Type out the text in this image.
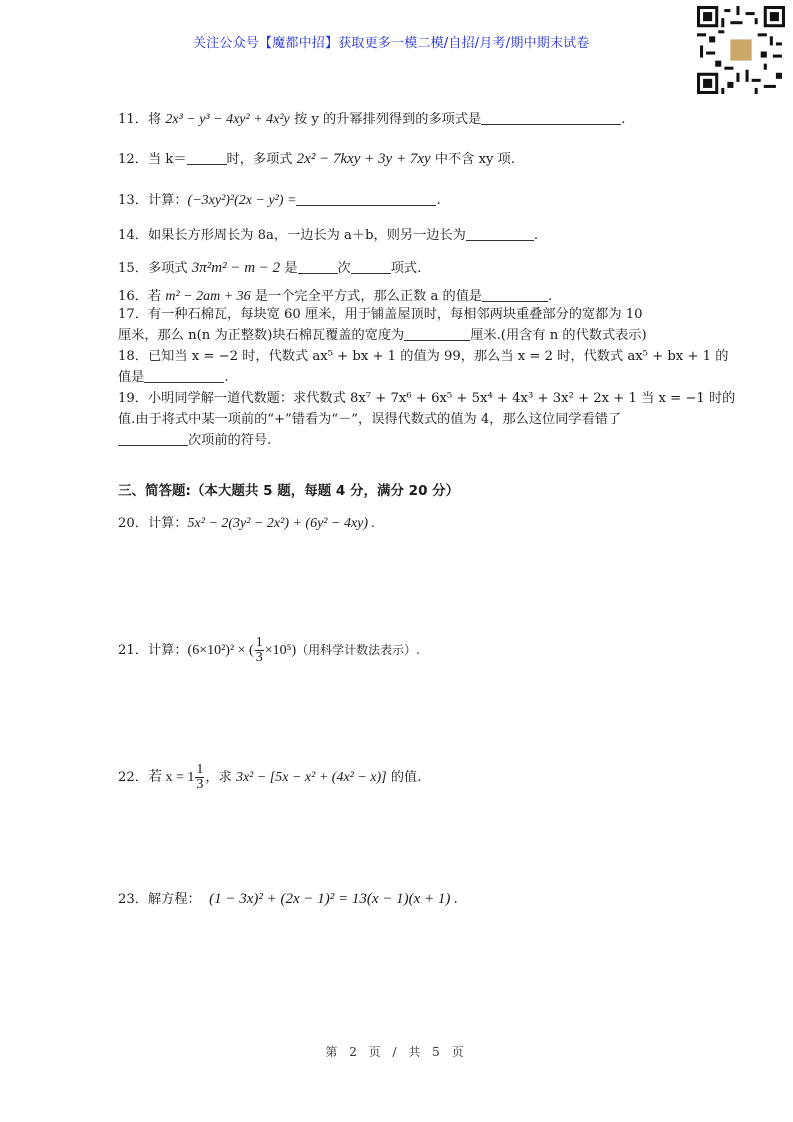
关注公众号【魔都中招】获取更多一模二模/自招/月考/期中期末试卷
11．将 2x³ − y³ − 4xy² + 4x²y 按 y 的升幂排列得到的多项式是	.
12．当 k＝	时，多项式 2x² − 7kxy + 3y + 7xy 中不含 xy 项.
13．计算：(−3xy²)²(2x − y²) =	.
14．如果长方形周长为 8a，一边长为 a＋b，则另一边长为	.
15．多项式 3π²m² − m − 2 是	次	项式.
16．若 m² − 2am + 36 是一个完全平方式，那么正数 a 的值是	.
17．有一种石棉瓦，每块宽 60 厘米，用于铺盖屋顶时，每相邻两块重叠部分的宽都为 10
厘米，那么 n(n 为正整数)块石棉瓦覆盖的宽度为	厘米.(用含有 n 的代数式表示)
18．已知当 x = −2 时，代数式 ax⁵ + bx + 1 的值为 99，那么当 x = 2 时，代数式 ax⁵ + bx + 1 的
值是	.
19．小明同学解一道代数题：求代数式 8x⁷ + 7x⁶ + 6x⁵ + 5x⁴ + 4x³ + 3x² + 2x + 1 当 x = −1 时的
值.由于将式中某一项前的“+”错看为“－”，误得代数式的值为 4，那么这位同学看错了
次项前的符号.
三、简答题:（本大题共 5 题，每题 4 分，满分 20 分）
20．计算：5x² − 2(3y² − 2x²) + (6y² − 4xy) .
21．计算：(6×10²)² × ( $\frac{1}{3} \times 10^5$)（用科学计数法表示）.
22．若 $x = 1 \frac{1}{3}$ ，求 3x² − [5x − x² + (4x² − x)] 的值.
23．解方程： (1 − 3x)² + (2x − 1)² = 13(x − 1)(x + 1) .
第 2 页 / 共 5 页
